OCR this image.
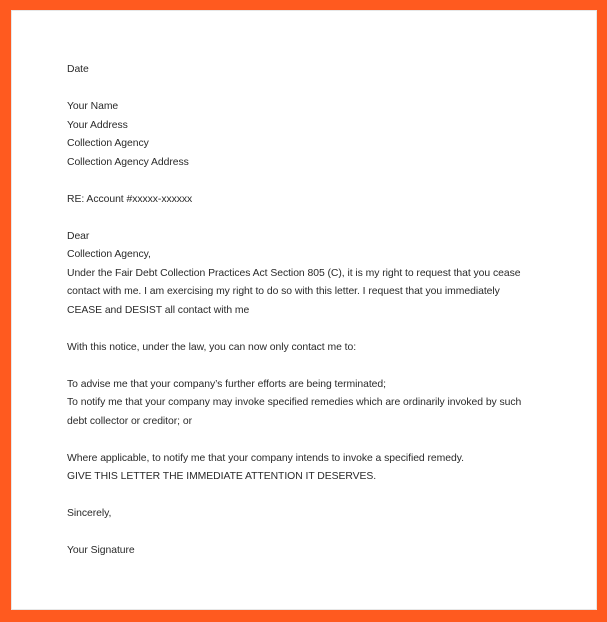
Date
Your Name
Your Address
Collection Agency
Collection Agency Address
RE: Account #xxxxx-xxxxxx
Dear
Collection Agency,
Under the Fair Debt Collection Practices Act Section 805 (C), it is my right to request that you cease
contact with me. I am exercising my right to do so with this letter. I request that you immediately
CEASE and DESIST all contact with me
With this notice, under the law, you can now only contact me to:
To advise me that your company’s further efforts are being terminated;
To notify me that your company may invoke specified remedies which are ordinarily invoked by such
debt collector or creditor; or
Where applicable, to notify me that your company intends to invoke a specified remedy.
GIVE THIS LETTER THE IMMEDIATE ATTENTION IT DESERVES.
Sincerely,
Your Signature
